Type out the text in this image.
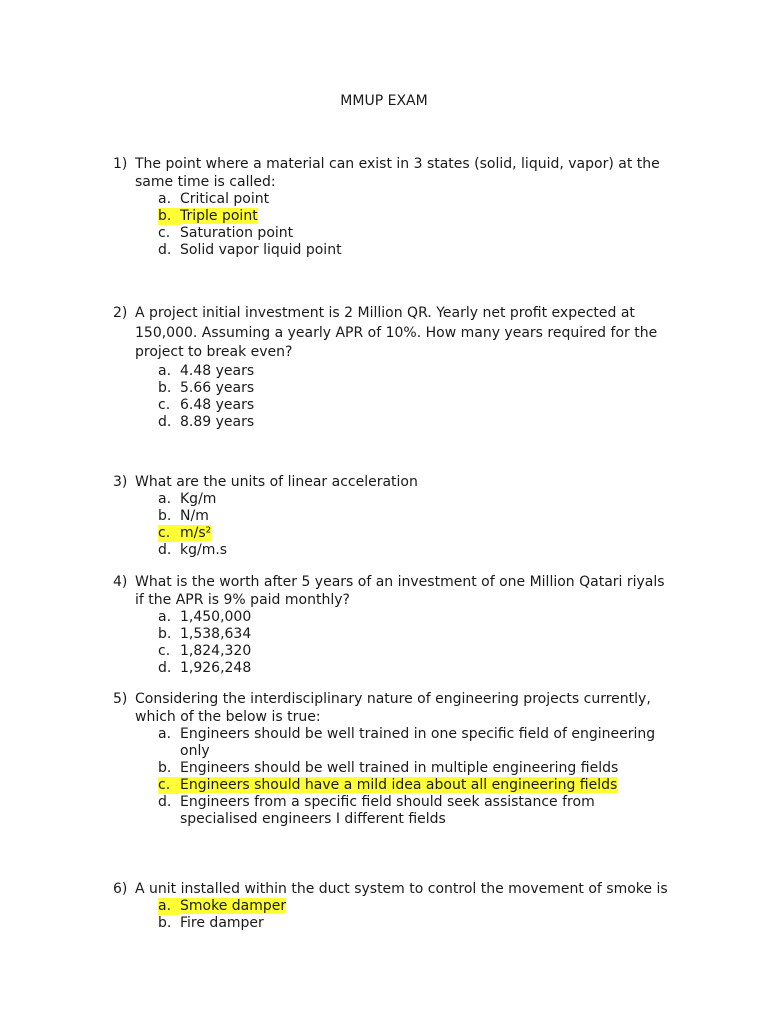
MMUP EXAM
1) The point where a material can exist in 3 states (solid, liquid, vapor) at the same time is called:
a. Critical point
b. Triple point
c. Saturation point
d. Solid vapor liquid point
2) A project initial investment is 2 Million QR. Yearly net profit expected at 150,000. Assuming a yearly APR of 10%. How many years required for the project to break even?
a. 4.48 years
b. 5.66 years
c. 6.48 years
d. 8.89 years
3) What are the units of linear acceleration
a. Kg/m
b. N/m
c. m/s²
d. kg/m.s
4) What is the worth after 5 years of an investment of one Million Qatari riyals if the APR is 9% paid monthly?
a. 1,450,000
b. 1,538,634
c. 1,824,320
d. 1,926,248
5) Considering the interdisciplinary nature of engineering projects currently, which of the below is true:
a. Engineers should be well trained in one specific field of engineering only
b. Engineers should be well trained in multiple engineering fields
c. Engineers should have a mild idea about all engineering fields
d. Engineers from a specific field should seek assistance from specialised engineers I different fields
6) A unit installed within the duct system to control the movement of smoke is
a. Smoke damper
b. Fire damper
